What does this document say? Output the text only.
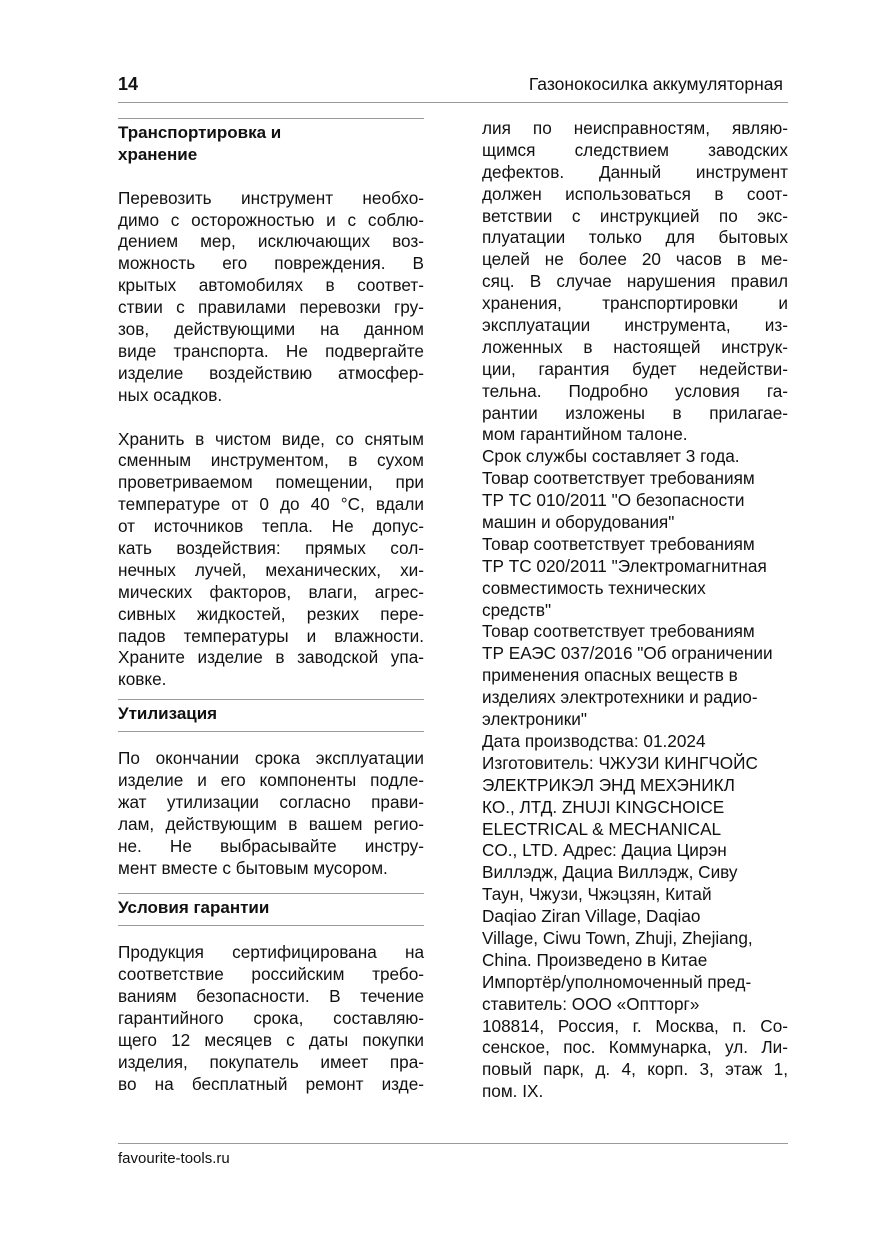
14	Газонокосилка аккумуляторная
Транспортировка и
хранение
Перевозить инструмент необхо-
димо с осторожностью и с соблю-
дением мер, исключающих воз-
можность его повреждения. В
крытых автомобилях в соответ-
ствии с правилами перевозки гру-
зов, действующими на данном
виде транспорта. Не подвергайте
изделие воздействию атмосфер-
ных осадков.
Хранить в чистом виде, со снятым
сменным инструментом, в сухом
проветриваемом помещении, при
температуре от 0 до 40 °С, вдали
от источников тепла. Не допус-
кать воздействия: прямых сол-
нечных лучей, механических, хи-
мических факторов, влаги, агрес-
сивных жидкостей, резких пере-
падов температуры и влажности.
Храните изделие в заводской упа-
ковке.
Утилизация
По окончании срока эксплуатации
изделие и его компоненты подле-
жат утилизации согласно прави-
лам, действующим в вашем регио-
не. Не выбрасывайте инстру-
мент вместе с бытовым мусором.
Условия гарантии
Продукция сертифицирована на
соответствие российским требо-
ваниям безопасности. В течение
гарантийного срока, составляю-
щего 12 месяцев с даты покупки
изделия, покупатель имеет пра-
во на бесплатный ремонт изде-
лия по неисправностям, являю-
щимся следствием заводских
дефектов. Данный инструмент
должен использоваться в соот-
ветствии с инструкцией по экс-
плуатации только для бытовых
целей не более 20 часов в ме-
сяц. В случае нарушения правил
хранения, транспортировки и
эксплуатации инструмента, из-
ложенных в настоящей инструк-
ции, гарантия будет недействи-
тельна. Подробно условия га-
рантии изложены в прилагае-
мом гарантийном талоне.
Срок службы составляет 3 года.
Товар соответствует требованиям
ТР ТС 010/2011 "О безопасности
машин и оборудования"
Товар соответствует требованиям
ТР ТС 020/2011 "Электромагнитная
совместимость технических
средств"
Товар соответствует требованиям
ТР ЕАЭС 037/2016 "Об ограничении
применения опасных веществ в
изделиях электротехники и радио-
электроники"
Дата производства: 01.2024
Изготовитель: ЧЖУЗИ КИНГЧОЙС
ЭЛЕКТРИКЭЛ ЭНД МЕХЭНИКЛ
КО., ЛТД. ZHUJI KINGCHOICE
ELECTRICAL & MECHANICAL
CO., LTD. Адрес: Дациа Цирэн
Виллэдж, Дациа Виллэдж, Сиву
Таун, Чжузи, Чжэцзян, Китай
Daqiao Ziran Village, Daqiao
Village, Ciwu Town, Zhuji, Zhejiang,
China. Произведено в Китае
Импортёр/уполномоченный пред-
ставитель: ООО «Оптторг»
108814, Россия, г. Москва, п. Со-
сенское, пос. Коммунарка, ул. Ли-
повый парк, д. 4, корп. 3, этаж 1,
пом. IX.
favourite-tools.ru
